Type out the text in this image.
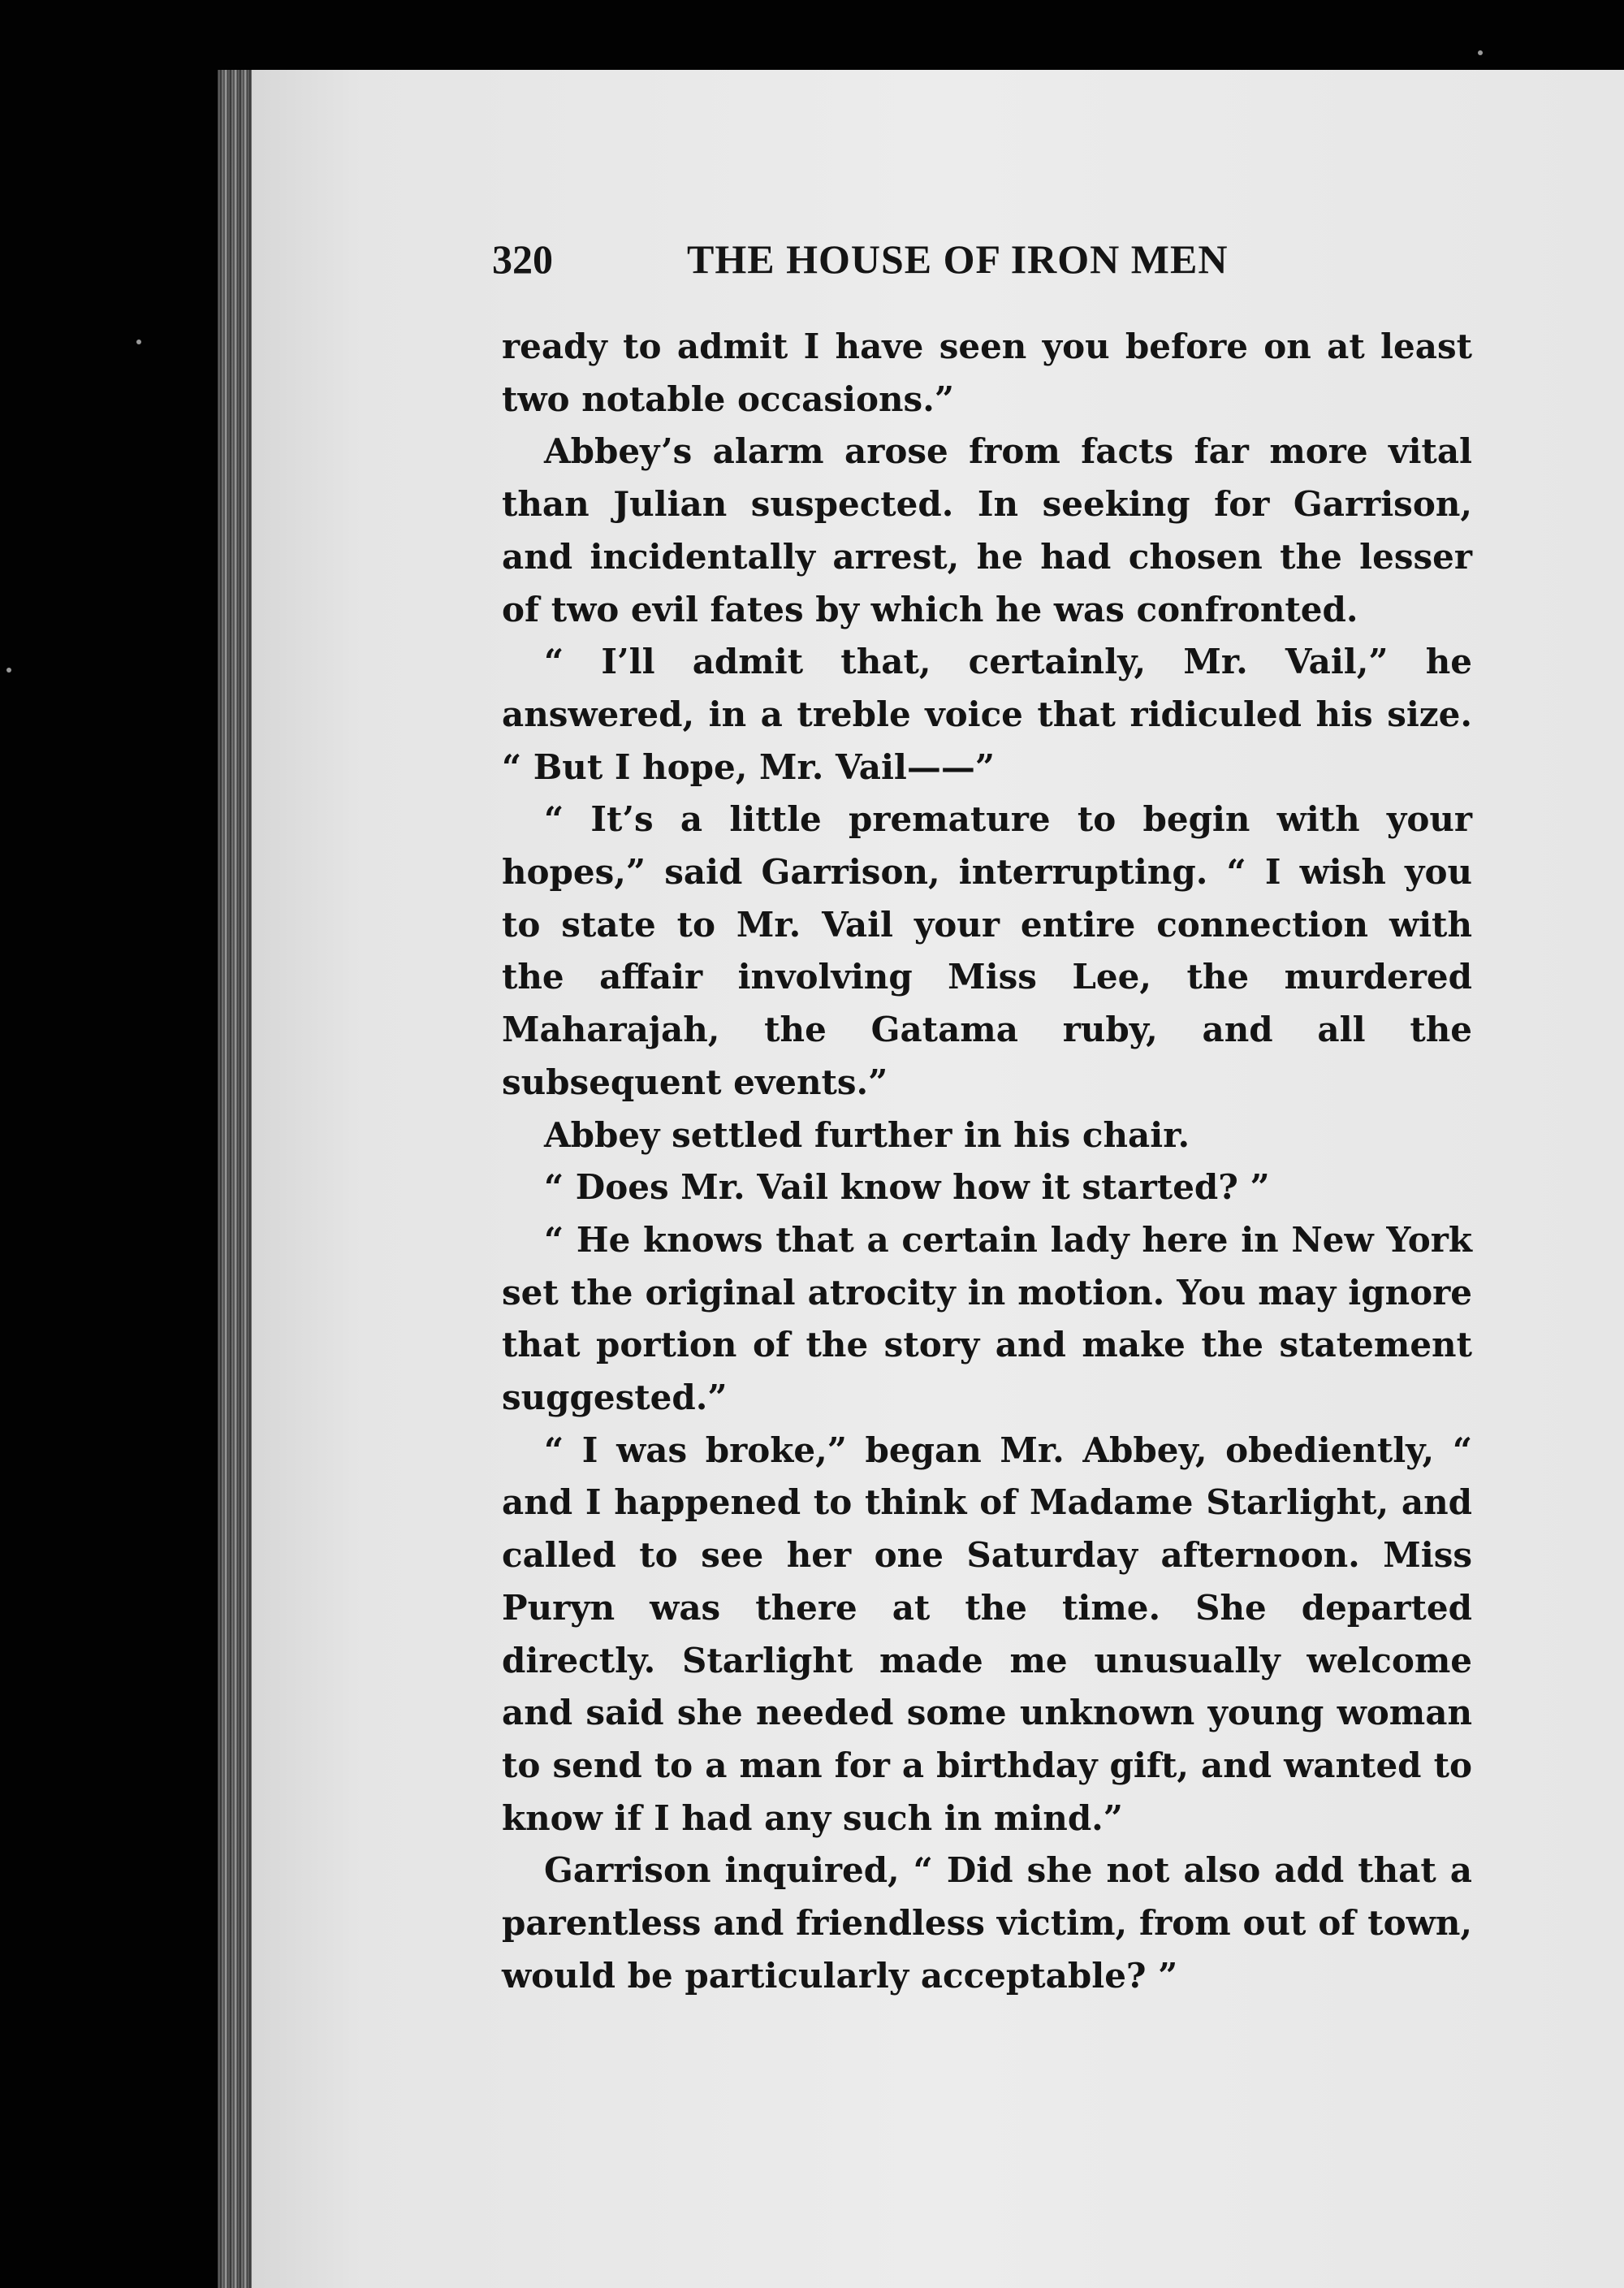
320	THE HOUSE OF IRON MEN

ready to admit I have seen you before on at least two notable occasions.”

Abbey’s alarm arose from facts far more vital than Julian suspected. In seeking for Garrison, and incidentally arrest, he had chosen the lesser of two evil fates by which he was confronted.

“ I’ll admit that, certainly, Mr. Vail,” he answered, in a treble voice that ridiculed his size. “ But I hope, Mr. Vail——”

“ It’s a little premature to begin with your hopes,” said Garrison, interrupting. “ I wish you to state to Mr. Vail your entire connection with the affair involving Miss Lee, the murdered Maharajah, the Gatama ruby, and all the subsequent events.”

Abbey settled further in his chair.

“ Does Mr. Vail know how it started? ”

“ He knows that a certain lady here in New York set the original atrocity in motion. You may ignore that portion of the story and make the statement suggested.”

“ I was broke,” began Mr. Abbey, obediently, “ and I happened to think of Madame Starlight, and called to see her one Saturday afternoon. Miss Puryn was there at the time. She departed directly. Starlight made me unusually welcome and said she needed some unknown young woman to send to a man for a birthday gift, and wanted to know if I had any such in mind.”

Garrison inquired, “ Did she not also add that a parentless and friendless victim, from out of town, would be particularly acceptable? ”
